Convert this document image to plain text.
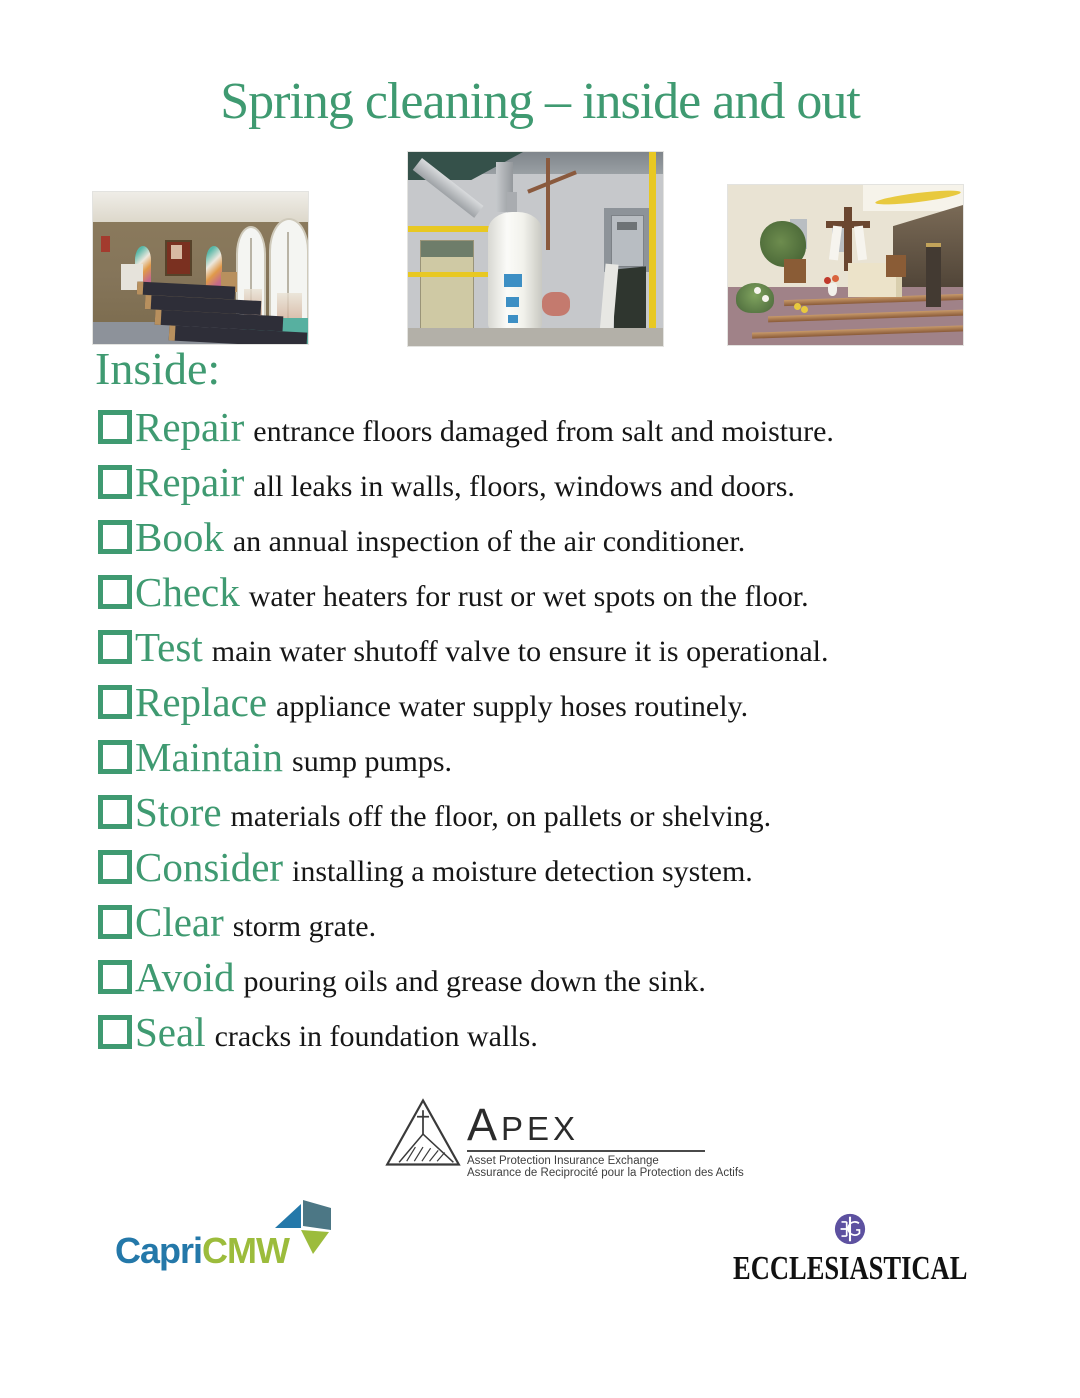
Spring cleaning – inside and out
Inside:
Repair entrance floors damaged from salt and moisture.
Repair all leaks in walls, floors, windows and doors.
Book an annual inspection of the air conditioner.
Check water heaters for rust or wet spots on the floor.
Test main water shutoff valve to ensure it is operational.
Replace appliance water supply hoses routinely.
Maintain sump pumps.
Store materials off the floor, on pallets or shelving.
Consider installing a moisture detection system.
Clear storm grate.
Avoid pouring oils and grease down the sink.
Seal cracks in foundation walls.
APEX
Asset Protection Insurance Exchange
Assurance de Reciprocité pour la Protection des Actifs
CapriCMW	ECCLESIASTICAL
